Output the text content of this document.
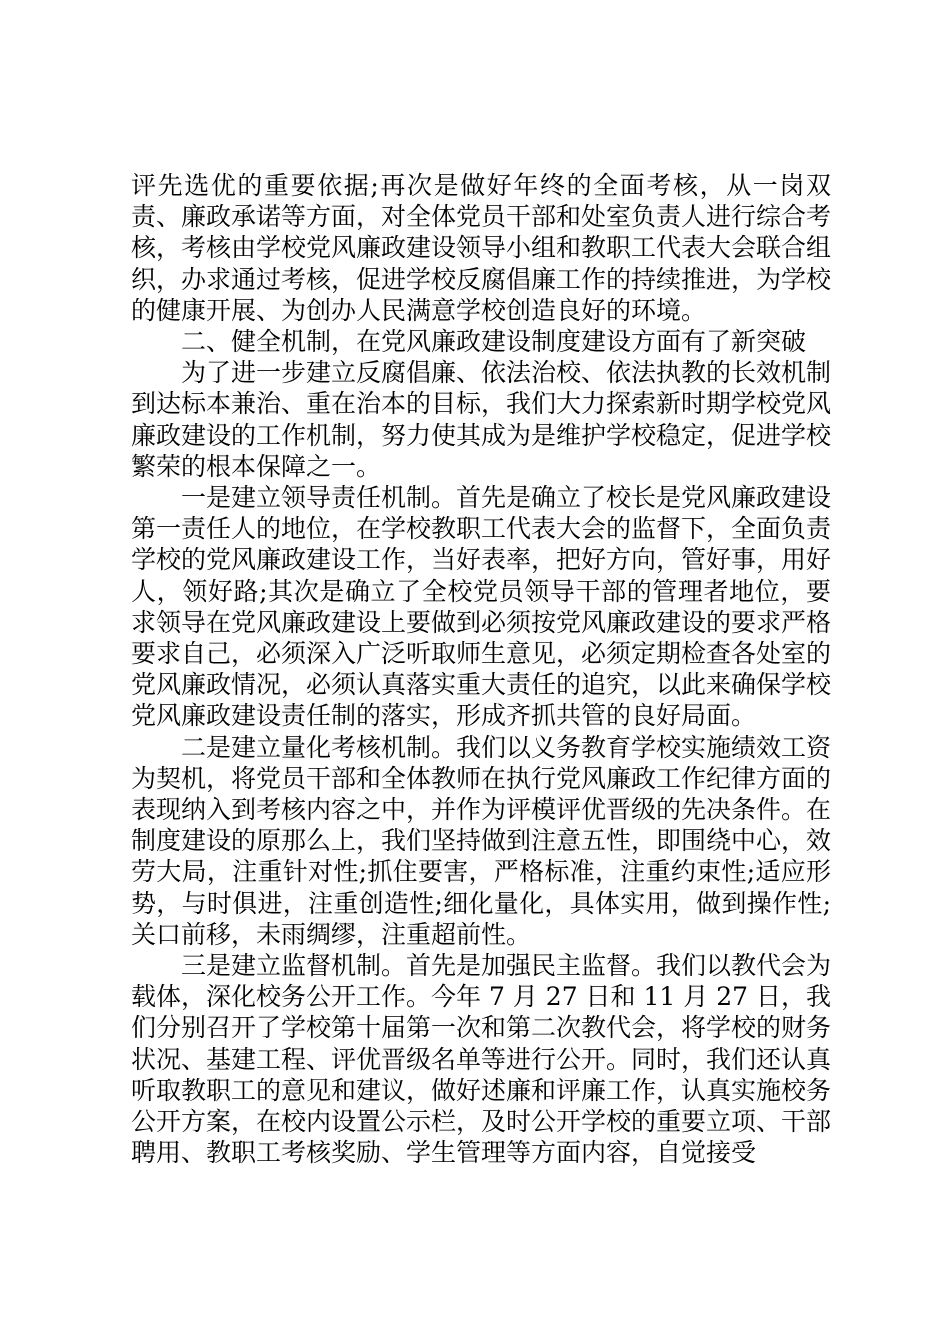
评先选优的重要依据;再次是做好年终的全面考核，从一岗双责、廉政承诺等方面，对全体党员干部和处室负责人进行综合考核，考核由学校党风廉政建设领导小组和教职工代表大会联合组织，办求通过考核，促进学校反腐倡廉工作的持续推进，为学校的健康开展、为创办人民满意学校创造良好的环境。

二、健全机制，在党风廉政建设制度建设方面有了新突破

为了进一步建立反腐倡廉、依法治校、依法执教的长效机制到达标本兼治、重在治本的目标，我们大力探索新时期学校党风廉政建设的工作机制，努力使其成为是维护学校稳定，促进学校繁荣的根本保障之一。

一是建立领导责任机制。首先是确立了校长是党风廉政建设第一责任人的地位，在学校教职工代表大会的监督下，全面负责学校的党风廉政建设工作，当好表率，把好方向，管好事，用好人，领好路;其次是确立了全校党员领导干部的管理者地位，要求领导在党风廉政建设上要做到必须按党风廉政建设的要求严格要求自己，必须深入广泛听取师生意见，必须定期检查各处室的党风廉政情况，必须认真落实重大责任的追究，以此来确保学校党风廉政建设责任制的落实，形成齐抓共管的良好局面。

二是建立量化考核机制。我们以义务教育学校实施绩效工资为契机，将党员干部和全体教师在执行党风廉政工作纪律方面的表现纳入到考核内容之中，并作为评模评优晋级的先决条件。在制度建设的原那么上，我们坚持做到注意五性，即围绕中心，效劳大局，注重针对性;抓住要害，严格标准，注重约束性;适应形势，与时俱进，注重创造性;细化量化，具体实用，做到操作性;关口前移，未雨绸缪，注重超前性。

三是建立监督机制。首先是加强民主监督。我们以教代会为载体，深化校务公开工作。今年 7 月 27 日和 11 月 27 日，我们分别召开了学校第十届第一次和第二次教代会，将学校的财务状况、基建工程、评优晋级名单等进行公开。同时，我们还认真听取教职工的意见和建议，做好述廉和评廉工作，认真实施校务公开方案，在校内设置公示栏，及时公开学校的重要立项、干部聘用、教职工考核奖励、学生管理等方面内容，自觉接受
